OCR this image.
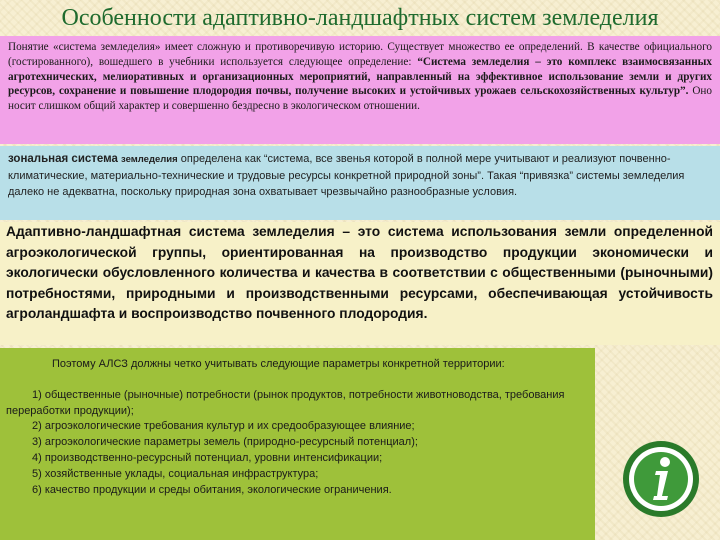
Особенности адаптивно-ландшафтных систем земледелия
Понятие «система земледелия» имеет сложную и противоречивую историю. Существует множество ее определений. В качестве официального (гостированного), вошедшего в учебники используется следующее определение: “Система земледелия – это комплекс взаимосвязанных агротехнических, мелиоративных и организационных мероприятий, направленный на эффективное использование земли и других ресурсов, сохранение и повышение плодородия почвы, получение высоких и устойчивых урожаев сельскохозяйственных культур”. Оно носит слишком общий характер и совершенно бездресно в экологическом отношении.
зональная система земледелия определена как “система, все звенья которой в полной мере учитывают и реализуют почвенно-климатические, материально-технические и трудовые ресурсы конкретной природной зоны”. Такая “привязка” системы земледелия далеко не адекватна, поскольку природная зона охватывает чрезвычайно разнообразные условия.
Адаптивно-ландшафтная система земледелия – это система использования земли определенной агроэкологической группы, ориентированная на производство продукции экономически и экологически обусловленного количества и качества в соответствии с общественными (рыночными) потребностями, природными и производственными ресурсами, обеспечивающая устойчивость агроландшафта и воспроизводство почвенного плодородия.

Поэтому АЛСЗ должны четко учитывать следующие параметры конкретной территории:

1) общественные (рыночные) потребности (рынок продуктов, потребности животноводства, требования переработки продукции);

2) агроэкологические требования культур и их средообразующее влияние;

3) агроэкологические параметры земель (природно-ресурсный потенциал);

4) производственно-ресурсный потенциал, уровни интенсификации;

5) хозяйственные уклады, социальная инфраструктура;

6) качество продукции и среды обитания, экологические ограничения.
